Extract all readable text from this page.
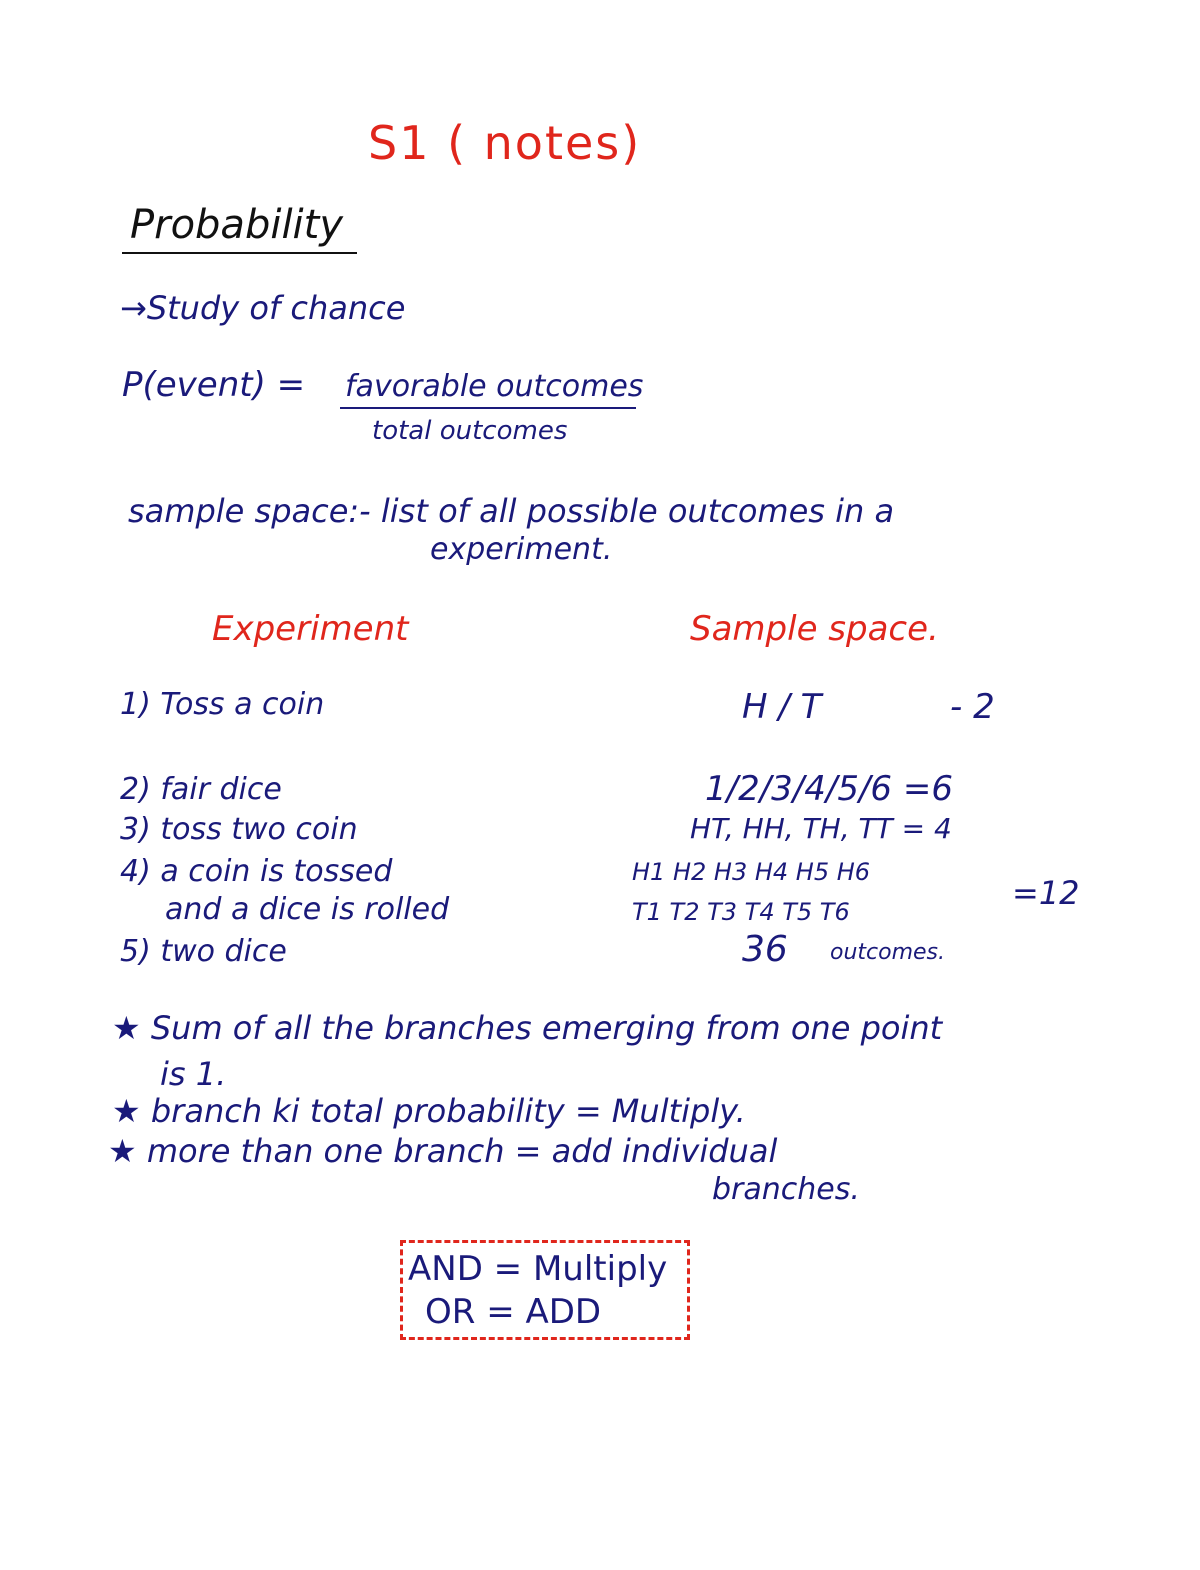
S1 ( notes)
Probability
→Study of chance
P(event) = favorable outcomes
total outcomes
sample space:- list of all possible outcomes in a
experiment.
Experiment	Sample space.
1) Toss a coin	H / T	- 2
2) fair dice	1/2/3/4/5/6 =6
3) toss two coin	HT, HH, TH, TT = 4
4) a coin is tossed
and a dice is rolled
H1 H2 H3 H4 H5 H6
T1 T2 T3 T4 T5 T6	=12
5) two dice	36 outcomes.
★ Sum of all the branches emerging from one point
is 1.
★ branch ki total probability = Multiply.
★ more than one branch = add individual
branches.
AND = Multiply
OR = ADD
